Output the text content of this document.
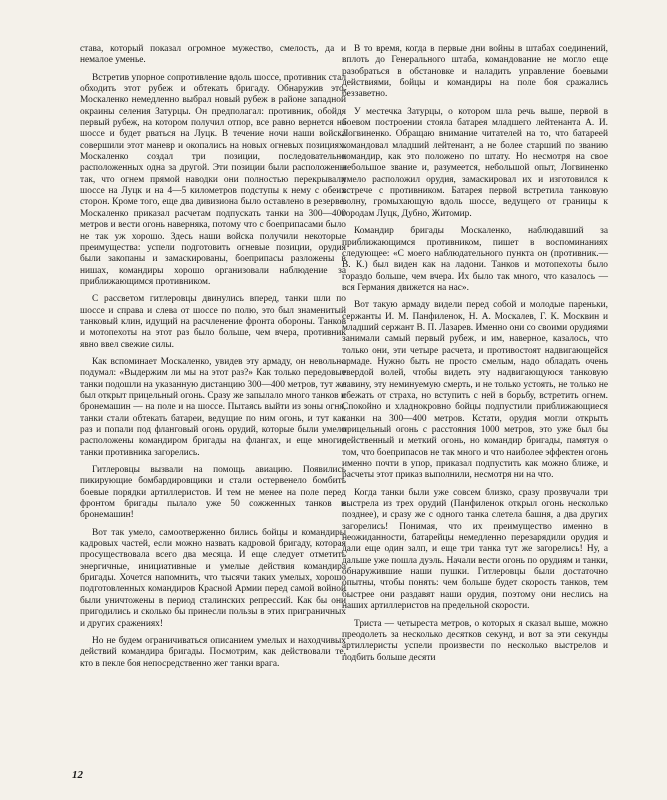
става, который показал огромное мужество, смелость, да и немалое уменье.

Встретив упорное сопротивление вдоль шоссе, противник стал обходить этот рубеж и обтекать бригаду. Обнаружив это, Москаленко немедленно выбрал новый рубеж в районе западной окраины селения Затурцы. Он предполагал: противник, обойдя первый рубеж, на котором получил отпор, все равно вернется на шоссе и будет рваться на Луцк. В течение ночи наши войска совершили этот маневр и окопались на новых огневых позициях. Москаленко создал три позиции, последовательно расположенных одна за другой. Эти позиции были расположены так, что огнем прямой наводки они полностью перекрывали шоссе на Луцк и на 4—5 километров подступы к нему с обеих сторон. Кроме того, еще два дивизиона было оставлено в резерве. Москаленко приказал расчетам подпускать танки на 300—400 метров и вести огонь наверняка, потому что с боеприпасами было не так уж хорошо. Здесь наши войска получили некоторые преимущества: успели подготовить огневые позиции, орудия были закопаны и замаскированы, боеприпасы разложены в нишах, командиры хорошо организовали наблюдение за приближающимся противником.

С рассветом гитлеровцы двинулись вперед, танки шли по шоссе и справа и слева от шоссе по полю, это был знаменитый танковый клин, идущий на расчленение фронта обороны. Танков и мотопехоты на этот раз было больше, чем вчера, противник явно ввел свежие силы.

Как вспоминает Москаленко, увидев эту армаду, он невольно подумал: «Выдержим ли мы на этот раз?» Как только передовые танки подошли на указанную дистанцию 300—400 метров, тут же был открыт прицельный огонь. Сразу же запылало много танков и бронемашин — на поле и на шоссе. Пытаясь выйти из зоны огня, танки стали обтекать батареи, ведущие по ним огонь, и тут как раз и попали под фланговый огонь орудий, которые были умело расположены командиром бригады на флангах, и еще многие танки противника загорелись.

Гитлеровцы вызвали на помощь авиацию. Появились пикирующие бомбардировщики и стали остервенело бомбить боевые порядки артиллеристов. И тем не менее на поле перед фронтом бригады пылало уже 50 сожженных танков и бронемашин!

Вот так умело, самоотверженно бились бойцы и командиры кадровых частей, если можно назвать кадровой бригаду, которая просуществовала всего два месяца. И еще следует отметить энергичные, инициативные и умелые действия командира бригады. Хочется напомнить, что тысячи таких умелых, хорошо подготовленных командиров Красной Армии перед самой войной были уничтожены в период сталинских репрессий. Как бы они пригодились и сколько бы принесли пользы в этих приграничных и других сражениях!

Но не будем ограничиваться описанием умелых и находчивых действий командира бригады. Посмотрим, как действовали те, кто в пекле боя непосредственно жег танки врага.

В то время, когда в первые дни войны в штабах соединений, вплоть до Генерального штаба, командование не могло еще разобраться в обстановке и наладить управление боевыми действиями, бойцы и командиры на поле боя сражались беззаветно.

У местечка Затурцы, о котором шла речь выше, первой в боевом построении стояла батарея младшего лейтенанта А. И. Логвиненко. Обращаю внимание читателей на то, что батареей командовал младший лейтенант, а не более старший по званию командир, как это положено по штату. Но несмотря на свое небольшое звание и, разумеется, небольшой опыт, Логвиненко умело расположил орудия, замаскировал их и изготовился к встрече с противником. Батарея первой встретила танковую волну, громыхающую вдоль шоссе, ведущего от границы к городам Луцк, Дубно, Житомир.

Командир бригады Москаленко, наблюдавший за приближающимся противником, пишет в воспоминаниях следующее: «С моего наблюдательного пункта он (противник.— В. К.) был виден как на ладони. Танков и мотопехоты было гораздо больше, чем вчера. Их было так много, что казалось — вся Германия движется на нас».

Вот такую армаду видели перед собой и молодые пареньки, сержанты И. М. Панфиленок, Н. А. Москалев, Г. К. Москвин и младший сержант В. П. Лазарев. Именно они со своими орудиями занимали самый первый рубеж, и им, наверное, казалось, что только они, эти четыре расчета, и противостоят надвигающейся армаде. Нужно быть не просто смелым, надо обладать очень твердой волей, чтобы видеть эту надвигающуюся танковую лавину, эту неминуемую смерть, и не только устоять, не только не сбежать от страха, но вступить с ней в борьбу, встретить огнем. Спокойно и хладнокровно бойцы подпустили приближающиеся танки на 300—400 метров. Кстати, орудия могли открыть прицельный огонь с расстояния 1000 метров, это уже был бы действенный и меткий огонь, но командир бригады, памятуя о том, что боеприпасов не так много и что наиболее эффектен огонь именно почти в упор, приказал подпустить как можно ближе, и расчеты этот приказ выполнили, несмотря ни на что.

Когда танки были уже совсем близко, сразу прозвучали три выстрела из трех орудий (Панфиленок открыл огонь несколько позднее), и сразу же с одного танка слетела башня, а два других загорелись! Понимая, что их преимущество именно в неожиданности, батарейцы немедленно перезарядили орудия и дали еще один залп, и еще три танка тут же загорелись! Ну, а дальше уже пошла дуэль. Начали вести огонь по орудиям и танки, обнаружившие наши пушки. Гитлеровцы были достаточно опытны, чтобы понять: чем больше будет скорость танков, тем быстрее они раздавят наши орудия, поэтому они неслись на наших артиллеристов на предельной скорости.

Триста — четыреста метров, о которых я сказал выше, можно преодолеть за несколько десятков секунд, и вот за эти секунды артиллеристы успели произвести по несколько выстрелов и подбить больше десяти

12
